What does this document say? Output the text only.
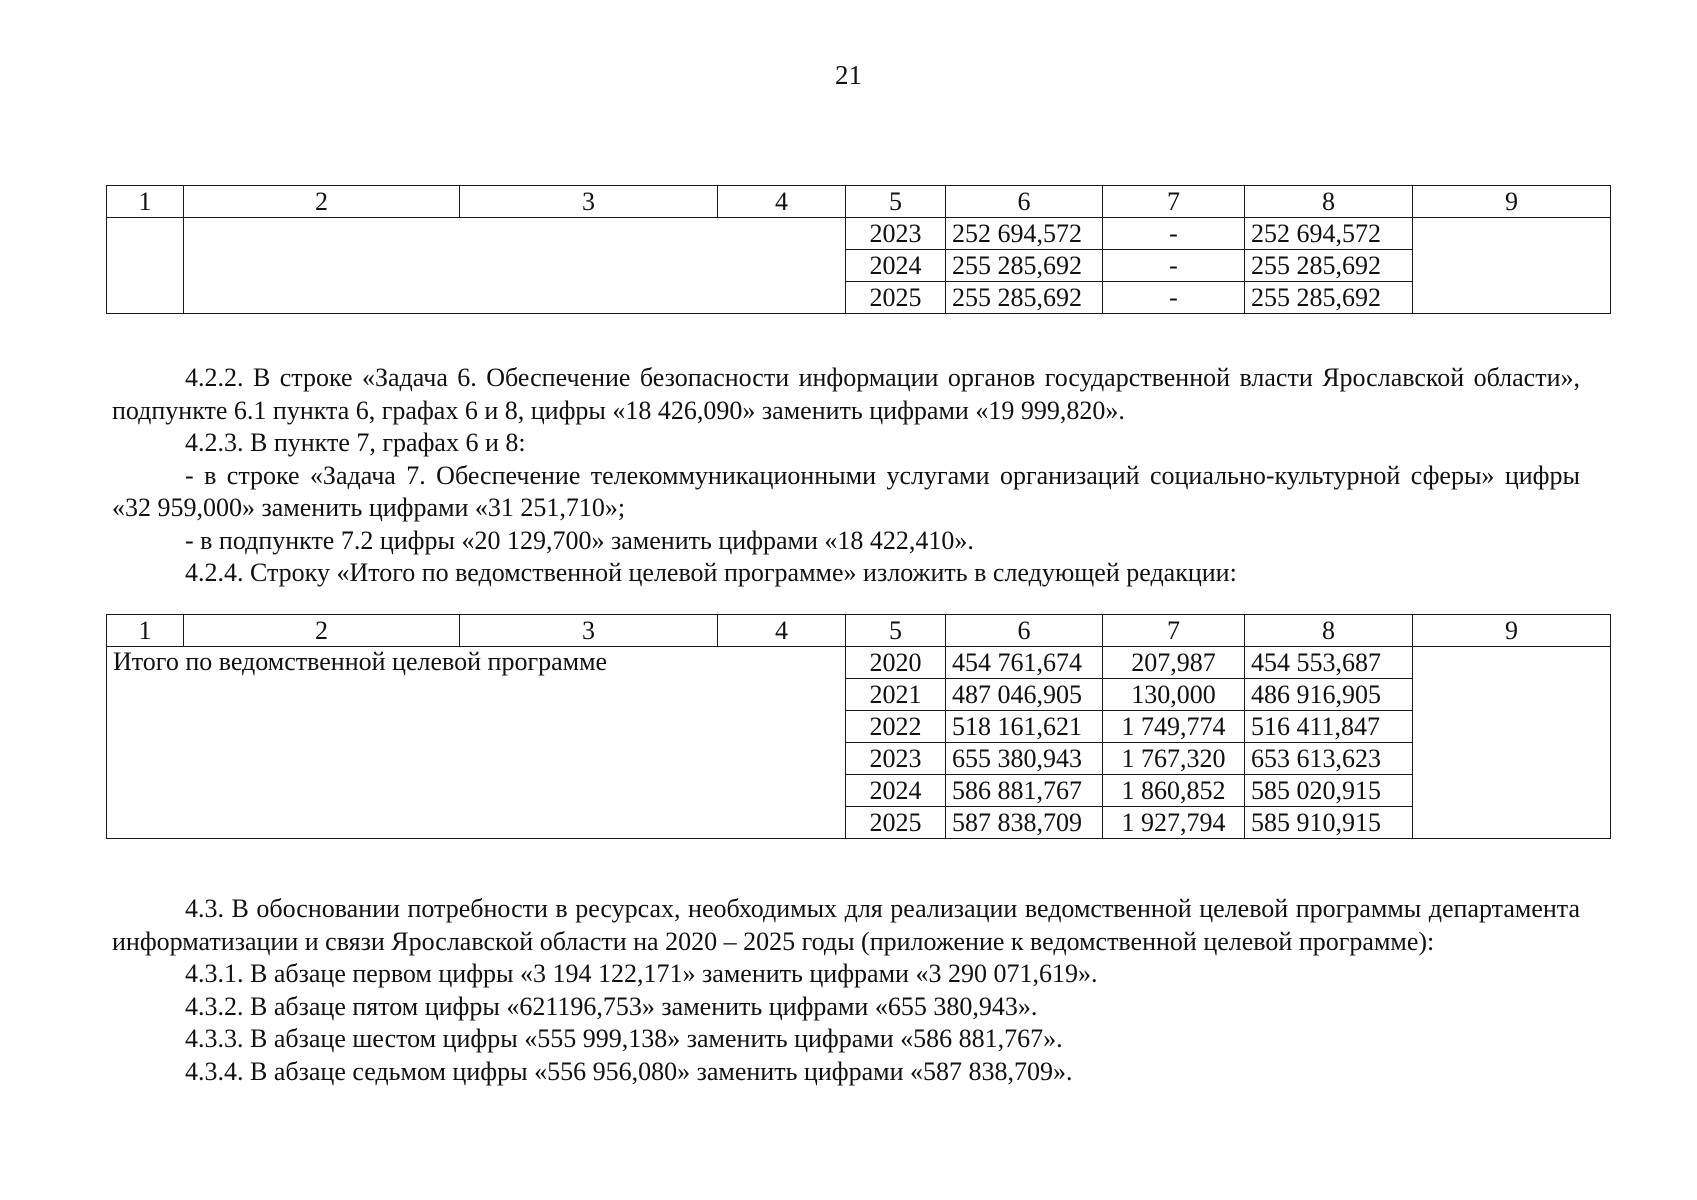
21
1	2	3	4	5	6	7	8	9
				2023	252 694,572	-	252 694,572	
				2024	255 285,692	-	255 285,692	
				2025	255 285,692	-	255 285,692	

4.2.2. В строке «Задача 6. Обеспечение безопасности информации органов государственной власти Ярославской области», подпункте 6.1 пункта 6, графах 6 и 8, цифры «18 426,090» заменить цифрами «19 999,820».

4.2.3. В пункте 7, графах 6 и 8:

- в строке «Задача 7. Обеспечение телекоммуникационными услугами организаций социально-культурной сферы» цифры «32 959,000» заменить цифрами «31 251,710»;

- в подпункте 7.2 цифры «20 129,700» заменить цифрами «18 422,410».

4.2.4. Строку «Итого по ведомственной целевой программе» изложить в следующей редакции:

1	2	3	4	5	6	7	8	9
Итого по ведомственной целевой программе				2020	454 761,674	207,987	454 553,687	
				2021	487 046,905	130,000	486 916,905	
				2022	518 161,621	1 749,774	516 411,847	
				2023	655 380,943	1 767,320	653 613,623	
				2024	586 881,767	1 860,852	585 020,915	
				2025	587 838,709	1 927,794	585 910,915	

4.3. В обосновании потребности в ресурсах, необходимых для реализации ведомственной целевой программы департамента информатизации и связи Ярославской области на 2020 – 2025 годы (приложение к ведомственной целевой программе):

4.3.1. В абзаце первом цифры «3 194 122,171» заменить цифрами «3 290 071,619».

4.3.2. В абзаце пятом цифры «621196,753» заменить цифрами «655 380,943».

4.3.3. В абзаце шестом цифры «555 999,138» заменить цифрами «586 881,767».

4.3.4. В абзаце седьмом цифры «556 956,080» заменить цифрами «587 838,709».
